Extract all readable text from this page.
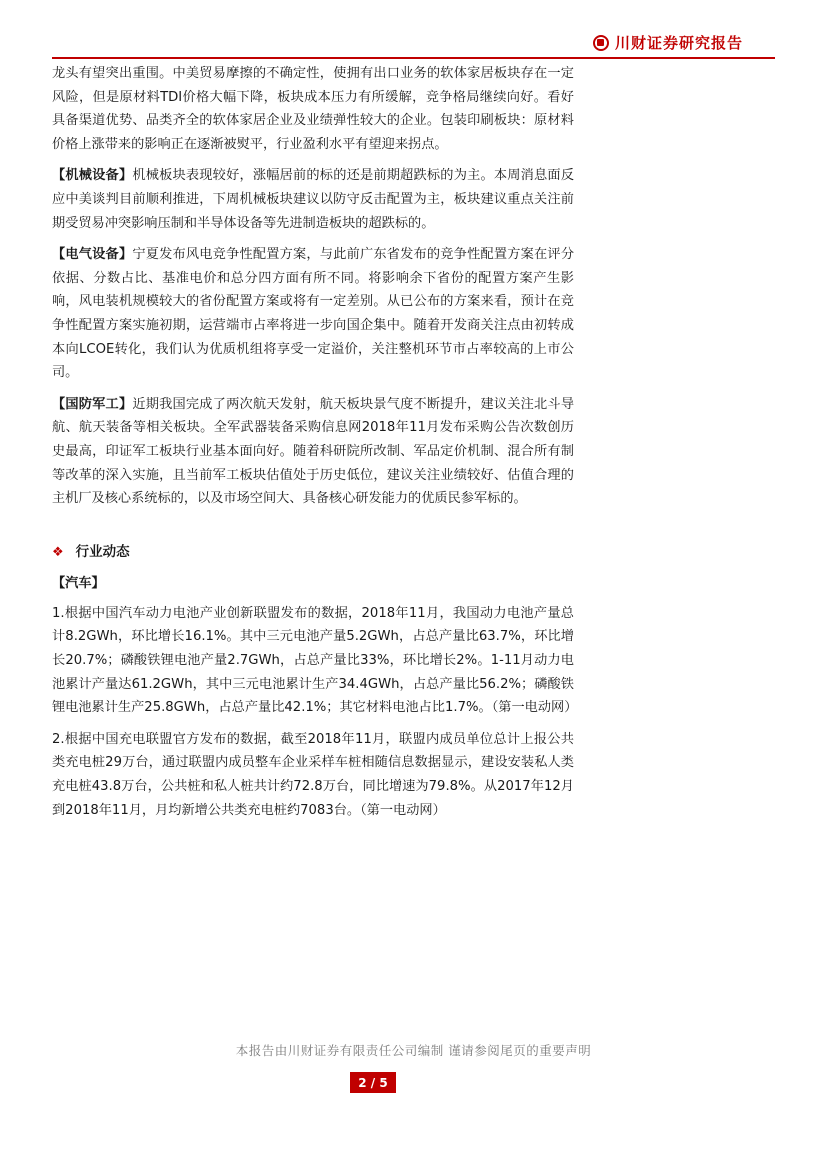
川财证券研究报告

龙头有望突出重围。中美贸易摩擦的不确定性，使拥有出口业务的软体家居板块存在一定风险，但是原材料TDI价格大幅下降，板块成本压力有所缓解，竞争格局继续向好。看好具备渠道优势、品类齐全的软体家居企业及业绩弹性较大的企业。包装印刷板块：原材料价格上涨带来的影响正在逐渐被熨平，行业盈利水平有望迎来拐点。

【机械设备】机械板块表现较好，涨幅居前的标的还是前期超跌标的为主。本周消息面反应中美谈判目前顺利推进，下周机械板块建议以防守反击配置为主，板块建议重点关注前期受贸易冲突影响压制和半导体设备等先进制造板块的超跌标的。

【电气设备】宁夏发布风电竞争性配置方案，与此前广东省发布的竞争性配置方案在评分依据、分数占比、基准电价和总分四方面有所不同。将影响余下省份的配置方案产生影响，风电装机规模较大的省份配置方案或将有一定差别。从已公布的方案来看，预计在竞争性配置方案实施初期，运营端市占率将进一步向国企集中。随着开发商关注点由初转成本向LCOE转化，我们认为优质机组将享受一定溢价，关注整机环节市占率较高的上市公司。

【国防军工】近期我国完成了两次航天发射，航天板块景气度不断提升，建议关注北斗导航、航天装备等相关板块。全军武器装备采购信息网2018年11月发布采购公告次数创历史最高，印证军工板块行业基本面向好。随着科研院所改制、军品定价机制、混合所有制等改革的深入实施，且当前军工板块估值处于历史低位，建议关注业绩较好、估值合理的主机厂及核心系统标的，以及市场空间大、具备核心研发能力的优质民参军标的。

❖ 行业动态

【汽车】

1.根据中国汽车动力电池产业创新联盟发布的数据，2018年11月，我国动力电池产量总计8.2GWh，环比增长16.1%。其中三元电池产量5.2GWh，占总产量比63.7%，环比增长20.7%；磷酸铁锂电池产量2.7GWh，占总产量比33%，环比增长2%。1-11月动力电池累计产量达61.2GWh，其中三元电池累计生产34.4GWh，占总产量比56.2%；磷酸铁锂电池累计生产25.8GWh，占总产量比42.1%；其它材料电池占比1.7%。（第一电动网）

2.根据中国充电联盟官方发布的数据，截至2018年11月，联盟内成员单位总计上报公共类充电桩29万台，通过联盟内成员整车企业采样车桩相随信息数据显示，建设安装私人类充电桩43.8万台，公共桩和私人桩共计约72.8万台，同比增速为79.8%。从2017年12月到2018年11月，月均新增公共类充电桩约7083台。（第一电动网）

本报告由川财证券有限责任公司编制 谨请参阅尾页的重要声明
2 / 5
